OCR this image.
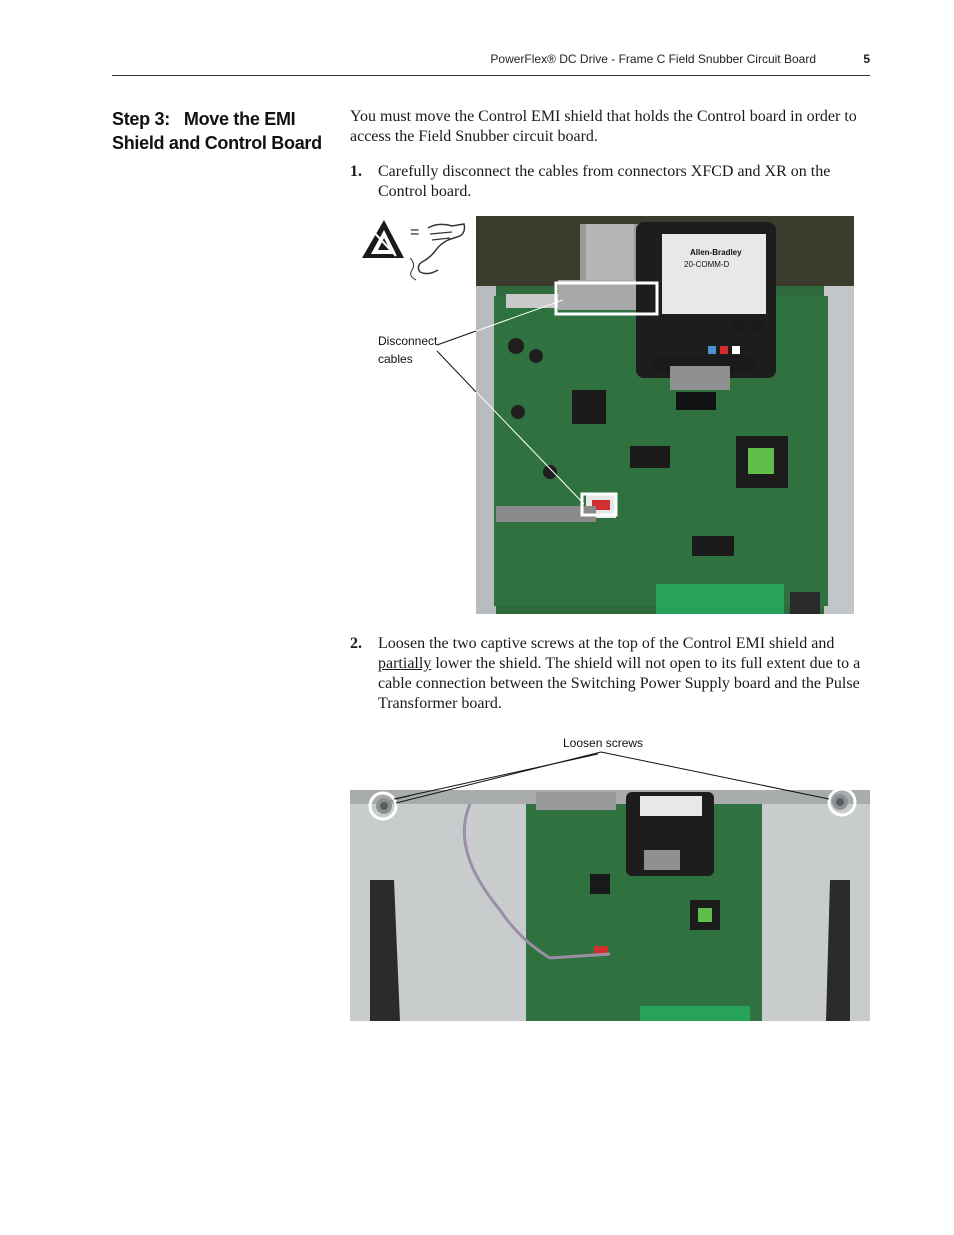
PowerFlex® DC Drive - Frame C Field Snubber Circuit Board	5
Step 3: Move the EMI Shield and Control Board
You must move the Control EMI shield that holds the Control board in order to access the Field Snubber circuit board.
1. Carefully disconnect the cables from connectors XFCD and XR on the Control board.
=
Allen-Bradley
20-COMM-D
Disconnect
cables
2. Loosen the two captive screws at the top of the Control EMI shield and partially lower the shield. The shield will not open to its full extent due to a cable connection between the Switching Power Supply board and the Pulse Transformer board.
Loosen screws
